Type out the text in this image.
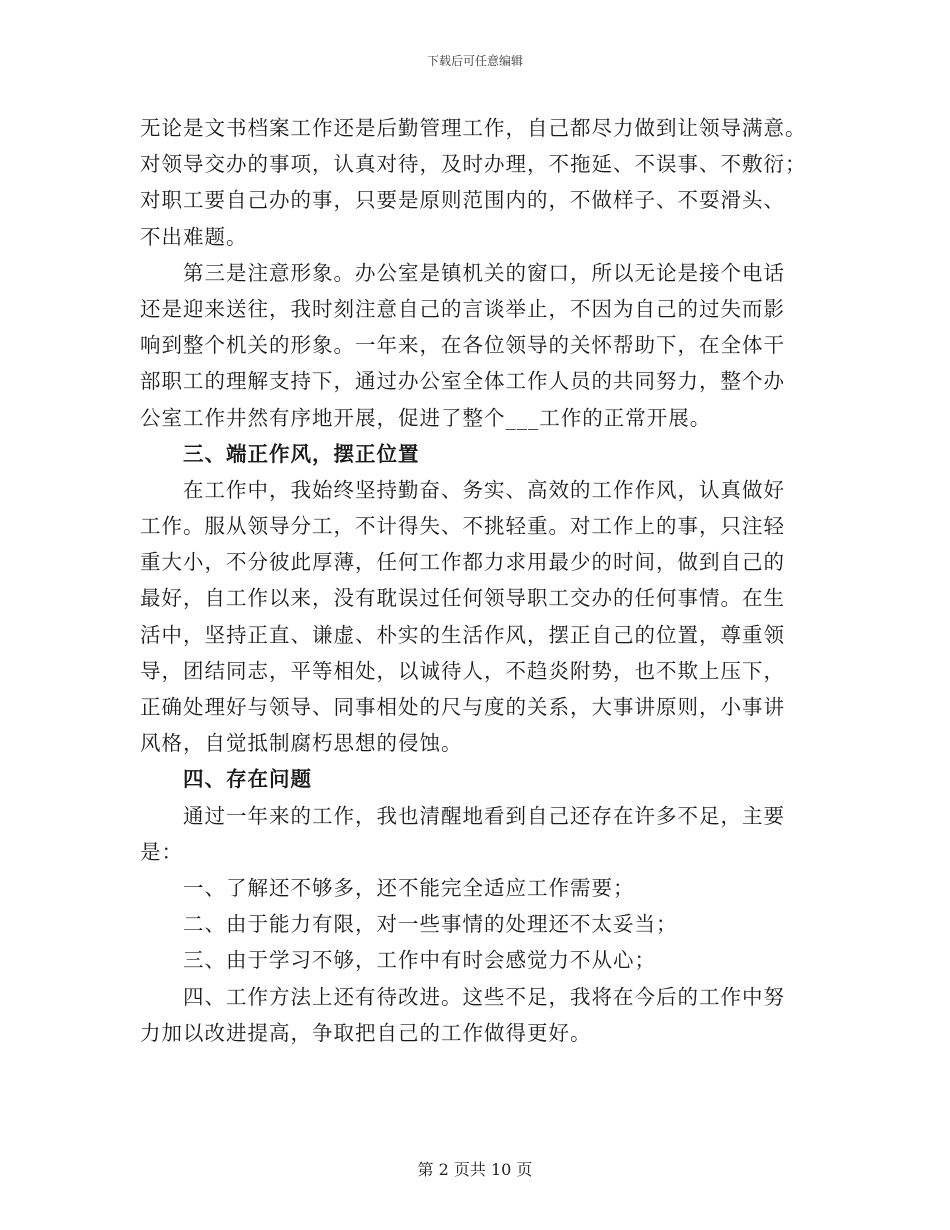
下载后可任意编辑
无论是文书档案工作还是后勤管理工作，自己都尽力做到让领导满意。
对领导交办的事项，认真对待，及时办理，不拖延、不误事、不敷衍；
对职工要自己办的事，只要是原则范围内的，不做样子、不耍滑头、
不出难题。
第三是注意形象。办公室是镇机关的窗口，所以无论是接个电话
还是迎来送往，我时刻注意自己的言谈举止，不因为自己的过失而影
响到整个机关的形象。一年来，在各位领导的关怀帮助下，在全体干
部职工的理解支持下，通过办公室全体工作人员的共同努力，整个办
公室工作井然有序地开展，促进了整个___工作的正常开展。
三、端正作风，摆正位置
在工作中，我始终坚持勤奋、务实、高效的工作作风，认真做好
工作。服从领导分工，不计得失、不挑轻重。对工作上的事，只注轻
重大小，不分彼此厚薄，任何工作都力求用最少的时间，做到自己的
最好，自工作以来，没有耽误过任何领导职工交办的任何事情。在生
活中，坚持正直、谦虚、朴实的生活作风，摆正自己的位置，尊重领
导，团结同志，平等相处，以诚待人，不趋炎附势，也不欺上压下，
正确处理好与领导、同事相处的尺与度的关系，大事讲原则，小事讲
风格，自觉抵制腐朽思想的侵蚀。
四、存在问题
通过一年来的工作，我也清醒地看到自己还存在许多不足，主要
是：
一、了解还不够多，还不能完全适应工作需要；
二、由于能力有限，对一些事情的处理还不太妥当；
三、由于学习不够，工作中有时会感觉力不从心；
四、工作方法上还有待改进。这些不足，我将在今后的工作中努
力加以改进提高，争取把自己的工作做得更好。
第 2 页共 10 页
